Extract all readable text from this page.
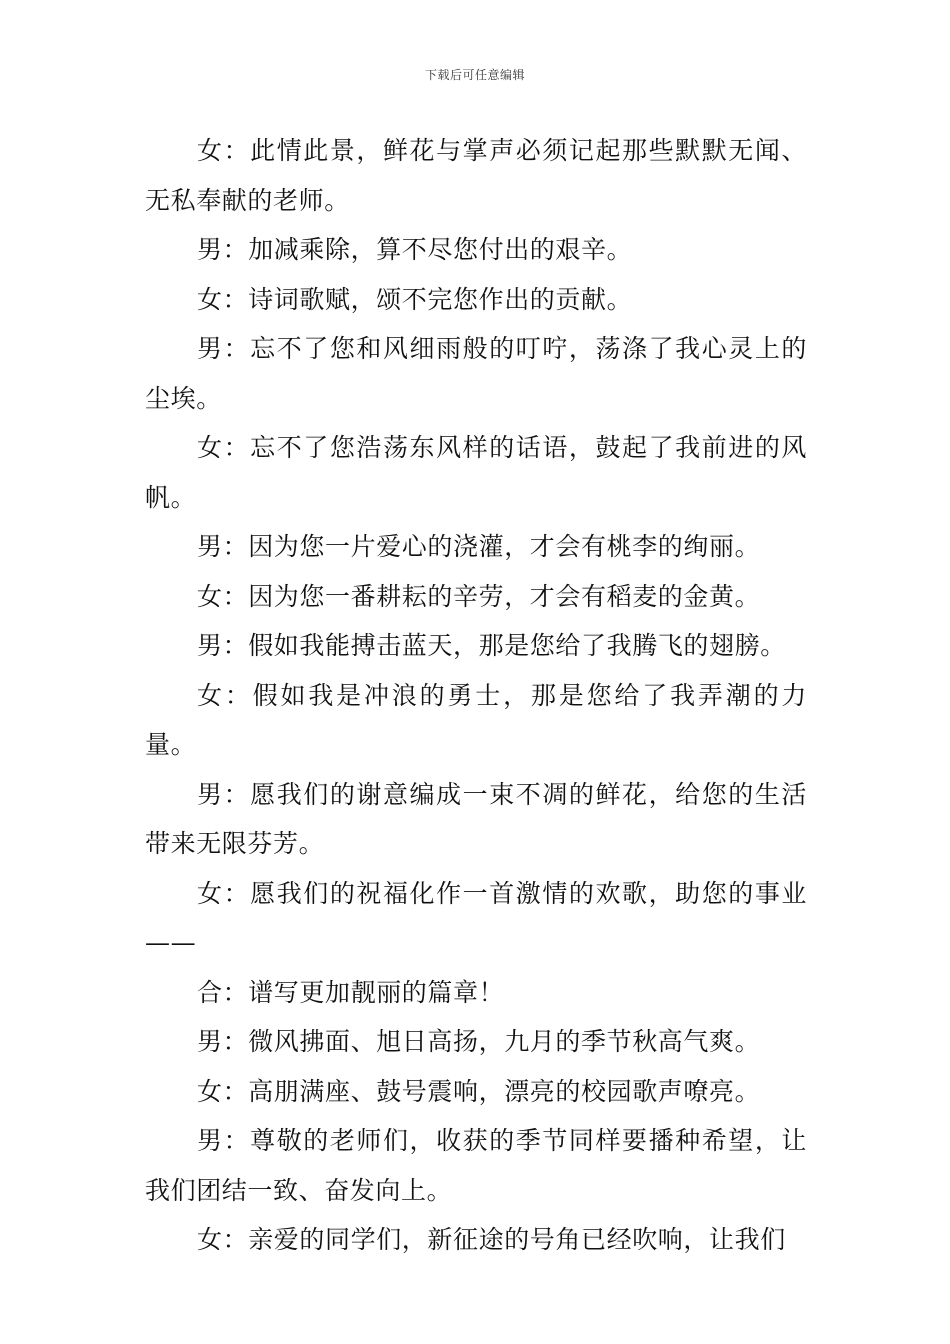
下载后可任意编辑

女：此情此景，鲜花与掌声必须记起那些默默无闻、无私奉献的老师。

男：加减乘除，算不尽您付出的艰辛。

女：诗词歌赋，颂不完您作出的贡献。

男：忘不了您和风细雨般的叮咛，荡涤了我心灵上的尘埃。

女：忘不了您浩荡东风样的话语，鼓起了我前进的风帆。

男：因为您一片爱心的浇灌，才会有桃李的绚丽。

女：因为您一番耕耘的辛劳，才会有稻麦的金黄。

男：假如我能搏击蓝天，那是您给了我腾飞的翅膀。

女：假如我是冲浪的勇士，那是您给了我弄潮的力量。

男：愿我们的谢意编成一束不凋的鲜花，给您的生活带来无限芬芳。

女：愿我们的祝福化作一首激情的欢歌，助您的事业——

合：谱写更加靓丽的篇章！

男：微风拂面、旭日高扬，九月的季节秋高气爽。

女：高朋满座、鼓号震响，漂亮的校园歌声嘹亮。

男：尊敬的老师们，收获的季节同样要播种希望，让我们团结一致、奋发向上。

女：亲爱的同学们，新征途的号角已经吹响，让我们
